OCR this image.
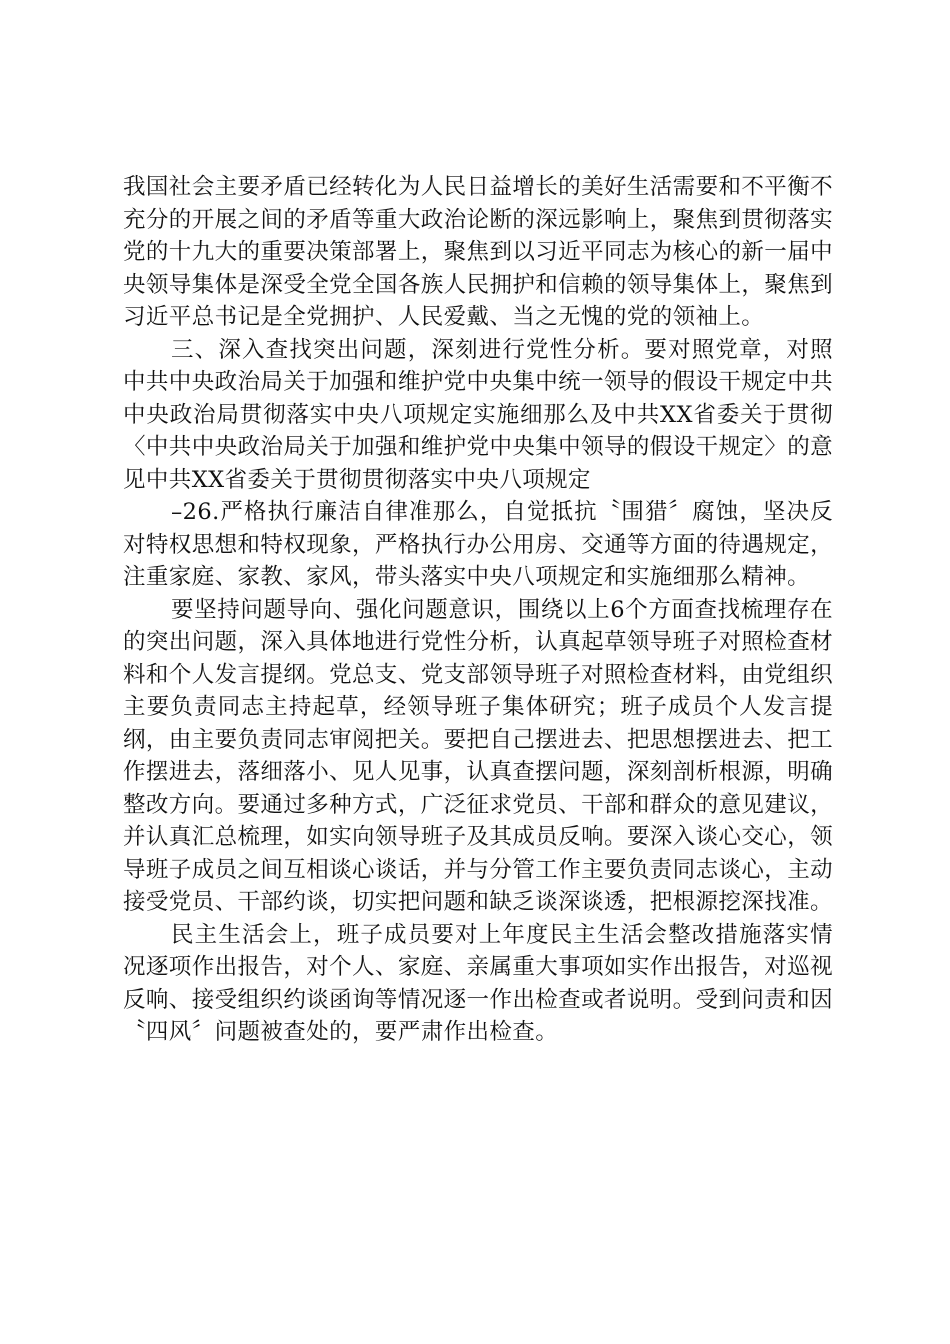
我国社会主要矛盾已经转化为人民日益增长的美好生活需要和不平衡不充分的开展之间的矛盾等重大政治论断的深远影响上，聚焦到贯彻落实党的十九大的重要决策部署上，聚焦到以习近平同志为核心的新一届中央领导集体是深受全党全国各族人民拥护和信赖的领导集体上，聚焦到习近平总书记是全党拥护、人民爱戴、当之无愧的党的领袖上。

三、深入查找突出问题，深刻进行党性分析。要对照党章，对照中共中央政治局关于加强和维护党中央集中统一领导的假设干规定中共中央政治局贯彻落实中央八项规定实施细那么及中共XX省委关于贯彻〈中共中央政治局关于加强和维护党中央集中领导的假设干规定〉的意见中共XX省委关于贯彻贯彻落实中央八项规定

–26.严格执行廉洁自律准那么，自觉抵抗〝围猎〞腐蚀，坚决反对特权思想和特权现象，严格执行办公用房、交通等方面的待遇规定，注重家庭、家教、家风，带头落实中央八项规定和实施细那么精神。

要坚持问题导向、强化问题意识，围绕以上6个方面查找梳理存在的突出问题，深入具体地进行党性分析，认真起草领导班子对照检查材料和个人发言提纲。党总支、党支部领导班子对照检查材料，由党组织主要负责同志主持起草，经领导班子集体研究；班子成员个人发言提纲，由主要负责同志审阅把关。要把自己摆进去、把思想摆进去、把工作摆进去，落细落小、见人见事，认真查摆问题，深刻剖析根源，明确整改方向。要通过多种方式，广泛征求党员、干部和群众的意见建议，并认真汇总梳理，如实向领导班子及其成员反响。要深入谈心交心，领导班子成员之间互相谈心谈话，并与分管工作主要负责同志谈心，主动接受党员、干部约谈，切实把问题和缺乏谈深谈透，把根源挖深找准。

民主生活会上，班子成员要对上年度民主生活会整改措施落实情况逐项作出报告，对个人、家庭、亲属重大事项如实作出报告，对巡视反响、接受组织约谈函询等情况逐一作出检查或者说明。受到问责和因〝四风〞问题被查处的，要严肃作出检查。
